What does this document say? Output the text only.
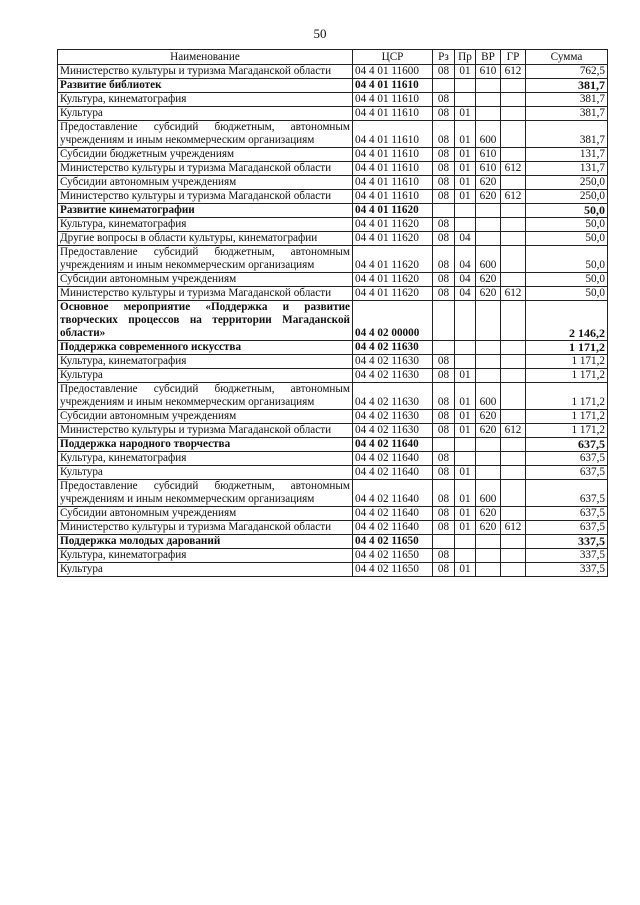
50
Наименование	ЦСР	Рз	Пр	ВР	ГР	Сумма
Министерство культуры и туризма Магаданской области	04 4 01 11600	08	01	610	612	762,5
Развитие библиотек	04 4 01 11610					381,7
Культура, кинематография	04 4 01 11610	08				381,7
Культура	04 4 01 11610	08	01			381,7
Предоставление субсидий бюджетным, автономным учреждениям и иным некоммерческим организациям	04 4 01 11610	08	01	600		381,7
Субсидии бюджетным учреждениям	04 4 01 11610	08	01	610		131,7
Министерство культуры и туризма Магаданской области	04 4 01 11610	08	01	610	612	131,7
Субсидии автономным учреждениям	04 4 01 11610	08	01	620		250,0
Министерство культуры и туризма Магаданской области	04 4 01 11610	08	01	620	612	250,0
Развитие кинематографии	04 4 01 11620					50,0
Культура, кинематография	04 4 01 11620	08				50,0
Другие вопросы в области культуры, кинематографии	04 4 01 11620	08	04			50,0
Предоставление субсидий бюджетным, автономным учреждениям и иным некоммерческим организациям	04 4 01 11620	08	04	600		50,0
Субсидии автономным учреждениям	04 4 01 11620	08	04	620		50,0
Министерство культуры и туризма Магаданской области	04 4 01 11620	08	04	620	612	50,0
Основное мероприятие «Поддержка и развитие творческих процессов на территории Магаданской области»	04 4 02 00000					2 146,2
Поддержка современного искусства	04 4 02 11630					1 171,2
Культура, кинематография	04 4 02 11630	08				1 171,2
Культура	04 4 02 11630	08	01			1 171,2
Предоставление субсидий бюджетным, автономным учреждениям и иным некоммерческим организациям	04 4 02 11630	08	01	600		1 171,2
Субсидии автономным учреждениям	04 4 02 11630	08	01	620		1 171,2
Министерство культуры и туризма Магаданской области	04 4 02 11630	08	01	620	612	1 171,2
Поддержка народного творчества	04 4 02 11640					637,5
Культура, кинематография	04 4 02 11640	08				637,5
Культура	04 4 02 11640	08	01			637,5
Предоставление субсидий бюджетным, автономным учреждениям и иным некоммерческим организациям	04 4 02 11640	08	01	600		637,5
Субсидии автономным учреждениям	04 4 02 11640	08	01	620		637,5
Министерство культуры и туризма Магаданской области	04 4 02 11640	08	01	620	612	637,5
Поддержка молодых дарований	04 4 02 11650					337,5
Культура, кинематография	04 4 02 11650	08				337,5
Культура	04 4 02 11650	08	01			337,5
